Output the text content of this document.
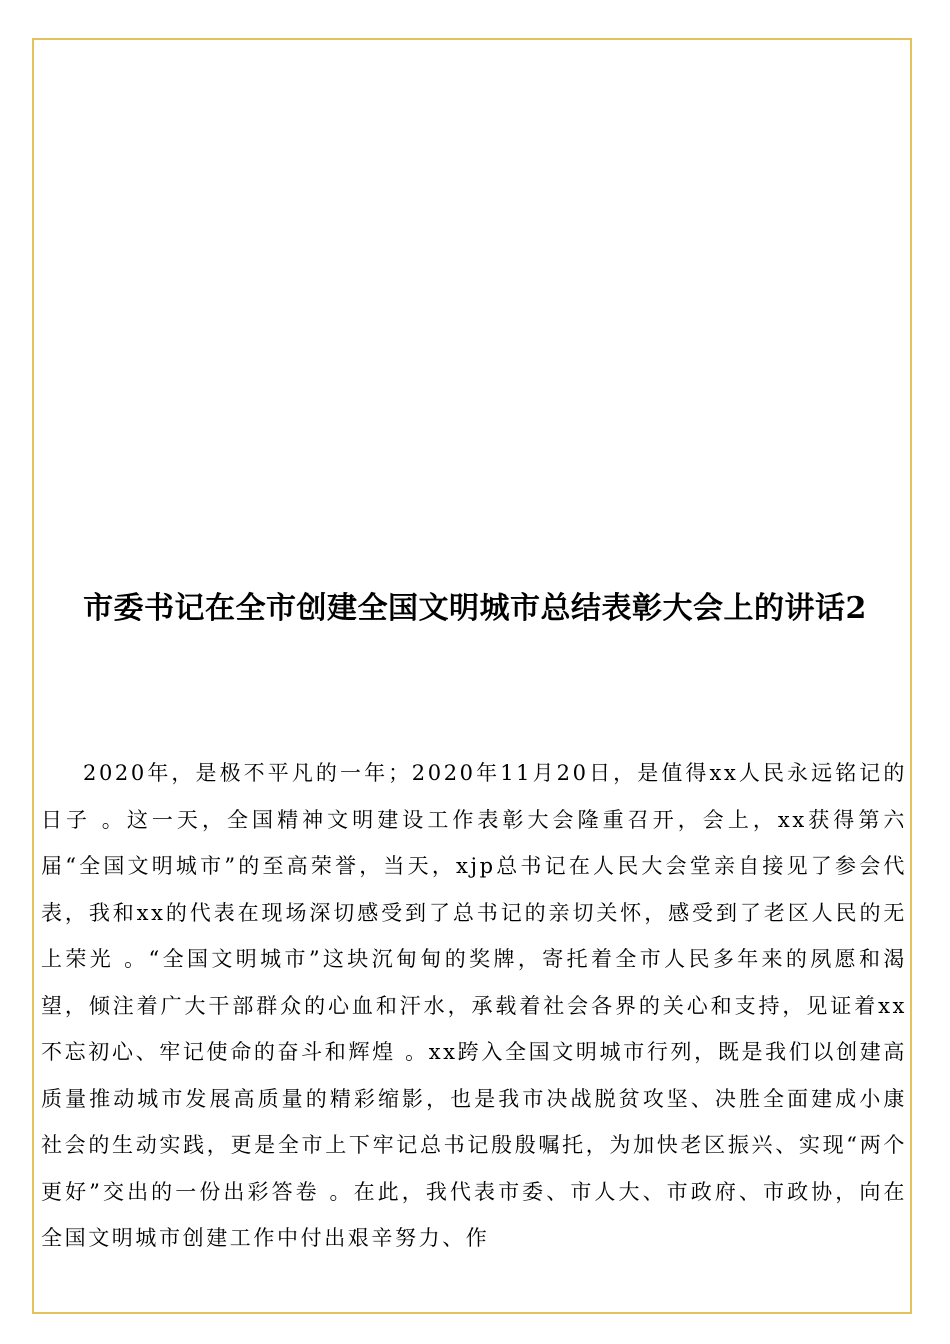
市委书记在全市创建全国文明城市总结表彰大会上的讲话2

2020年，是极不平凡的一年；2020年11月20日，是值得xx人民永远铭记的日子 。这一天，全国精神文明建设工作表彰大会隆重召开，会上，xx获得第六届“全国文明城市”的至高荣誉，当天，xjp总书记在人民大会堂亲自接见了参会代表，我和xx的代表在现场深切感受到了总书记的亲切关怀，感受到了老区人民的无上荣光 。“全国文明城市”这块沉甸甸的奖牌，寄托着全市人民多年来的夙愿和渴望，倾注着广大干部群众的心血和汗水，承载着社会各界的关心和支持，见证着xx不忘初心、牢记使命的奋斗和辉煌 。xx跨入全国文明城市行列，既是我们以创建高质量推动城市发展高质量的精彩缩影，也是我市决战脱贫攻坚、决胜全面建成小康社会的生动实践，更是全市上下牢记总书记殷殷嘱托，为加快老区振兴、实现“两个更好”交出的一份出彩答卷 。在此，我代表市委、市人大、市政府、市政协，向在全国文明城市创建工作中付出艰辛努力、作
